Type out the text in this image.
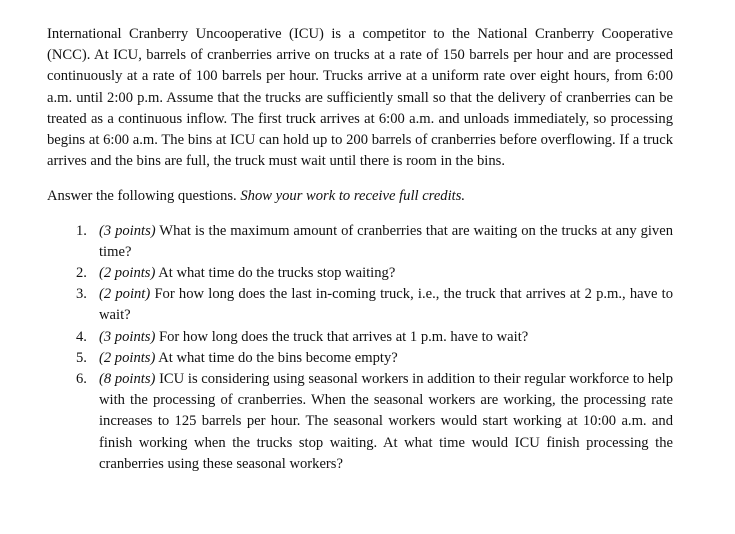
International Cranberry Uncooperative (ICU) is a competitor to the National Cranberry Cooperative (NCC). At ICU, barrels of cranberries arrive on trucks at a rate of 150 barrels per hour and are processed continuously at a rate of 100 barrels per hour. Trucks arrive at a uniform rate over eight hours, from 6:00 a.m. until 2:00 p.m. Assume that the trucks are sufficiently small so that the delivery of cranberries can be treated as a continuous inflow. The first truck arrives at 6:00 a.m. and unloads immediately, so processing begins at 6:00 a.m. The bins at ICU can hold up to 200 barrels of cranberries before overflowing. If a truck arrives and the bins are full, the truck must wait until there is room in the bins.

Answer the following questions. Show your work to receive full credits.

1. (3 points) What is the maximum amount of cranberries that are waiting on the trucks at any given time?
2. (2 points) At what time do the trucks stop waiting?
3. (2 point) For how long does the last in-coming truck, i.e., the truck that arrives at 2 p.m., have to wait?
4. (3 points) For how long does the truck that arrives at 1 p.m. have to wait?
5. (2 points) At what time do the bins become empty?
6. (8 points) ICU is considering using seasonal workers in addition to their regular workforce to help with the processing of cranberries. When the seasonal workers are working, the processing rate increases to 125 barrels per hour. The seasonal workers would start working at 10:00 a.m. and finish working when the trucks stop waiting. At what time would ICU finish processing the cranberries using these seasonal workers?
